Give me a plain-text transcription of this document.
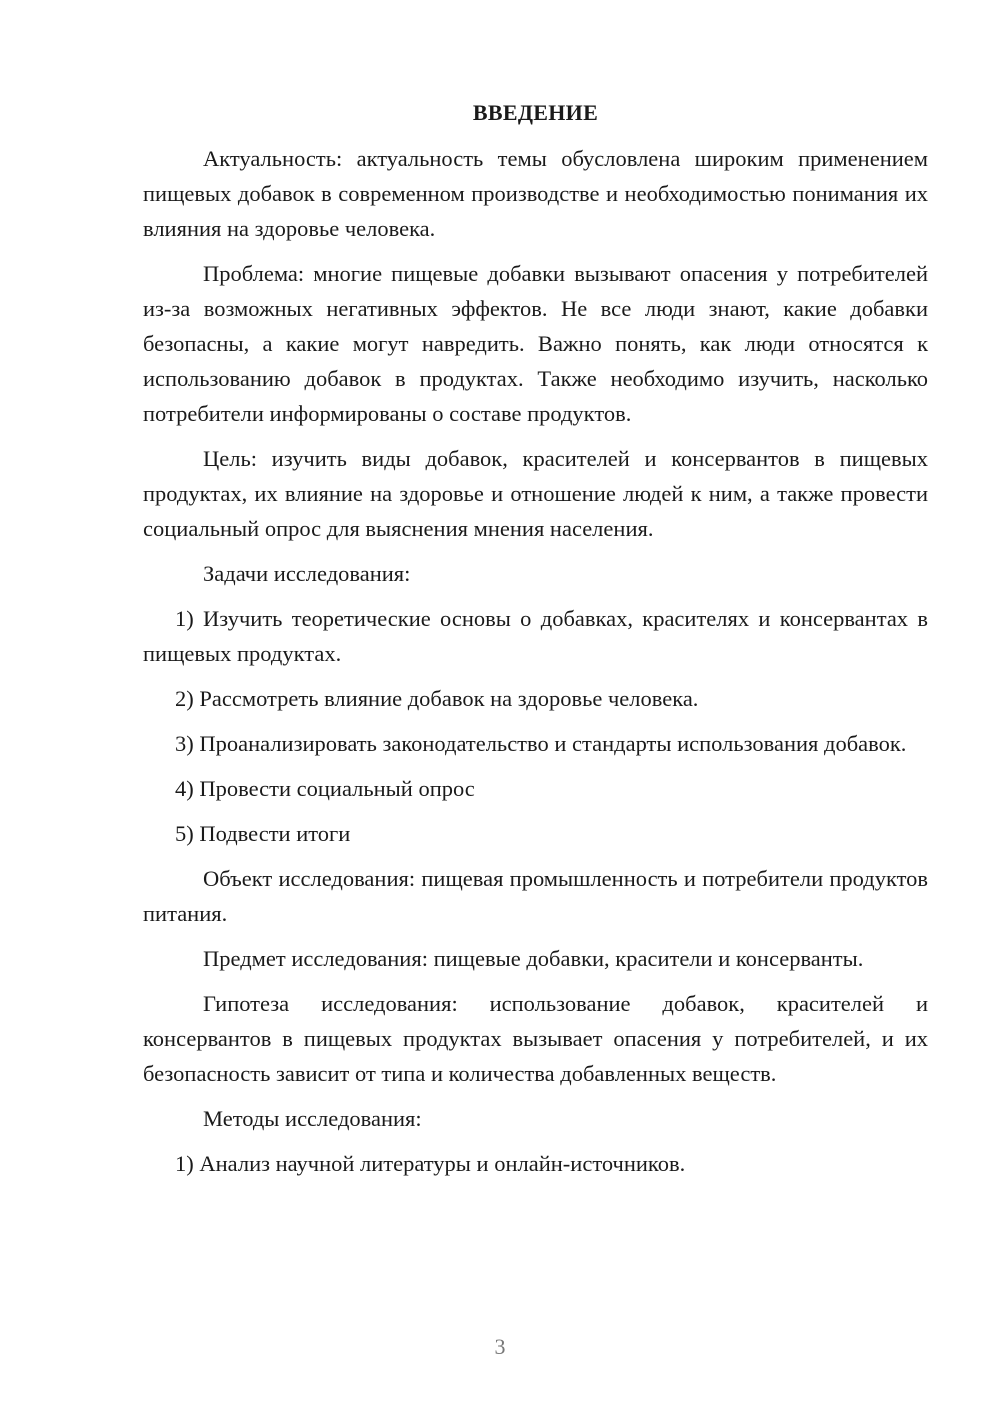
ВВЕДЕНИЕ

Актуальность: актуальность темы обусловлена широким применением пищевых добавок в современном производстве и необходимостью понимания их влияния на здоровье человека.

Проблема: многие пищевые добавки вызывают опасения у потребителей из-за возможных негативных эффектов. Не все люди знают, какие добавки безопасны, а какие могут навредить. Важно понять, как люди относятся к использованию добавок в продуктах. Также необходимо изучить, насколько потребители информированы о составе продуктов.

Цель: изучить виды добавок, красителей и консервантов в пищевых продуктах, их влияние на здоровье и отношение людей к ним, а также провести социальный опрос для выяснения мнения населения.

Задачи исследования:

1) Изучить теоретические основы о добавках, красителях и консервантах в пищевых продуктах.

2) Рассмотреть влияние добавок на здоровье человека.

3) Проанализировать законодательство и стандарты использования добавок.

4) Провести социальный опрос

5) Подвести итоги

Объект исследования: пищевая промышленность и потребители продуктов питания.

Предмет исследования: пищевые добавки, красители и консерванты.

Гипотеза исследования: использование добавок, красителей и консервантов в пищевых продуктах вызывает опасения у потребителей, и их безопасность зависит от типа и количества добавленных веществ.

Методы исследования:

1) Анализ научной литературы и онлайн-источников.

3
